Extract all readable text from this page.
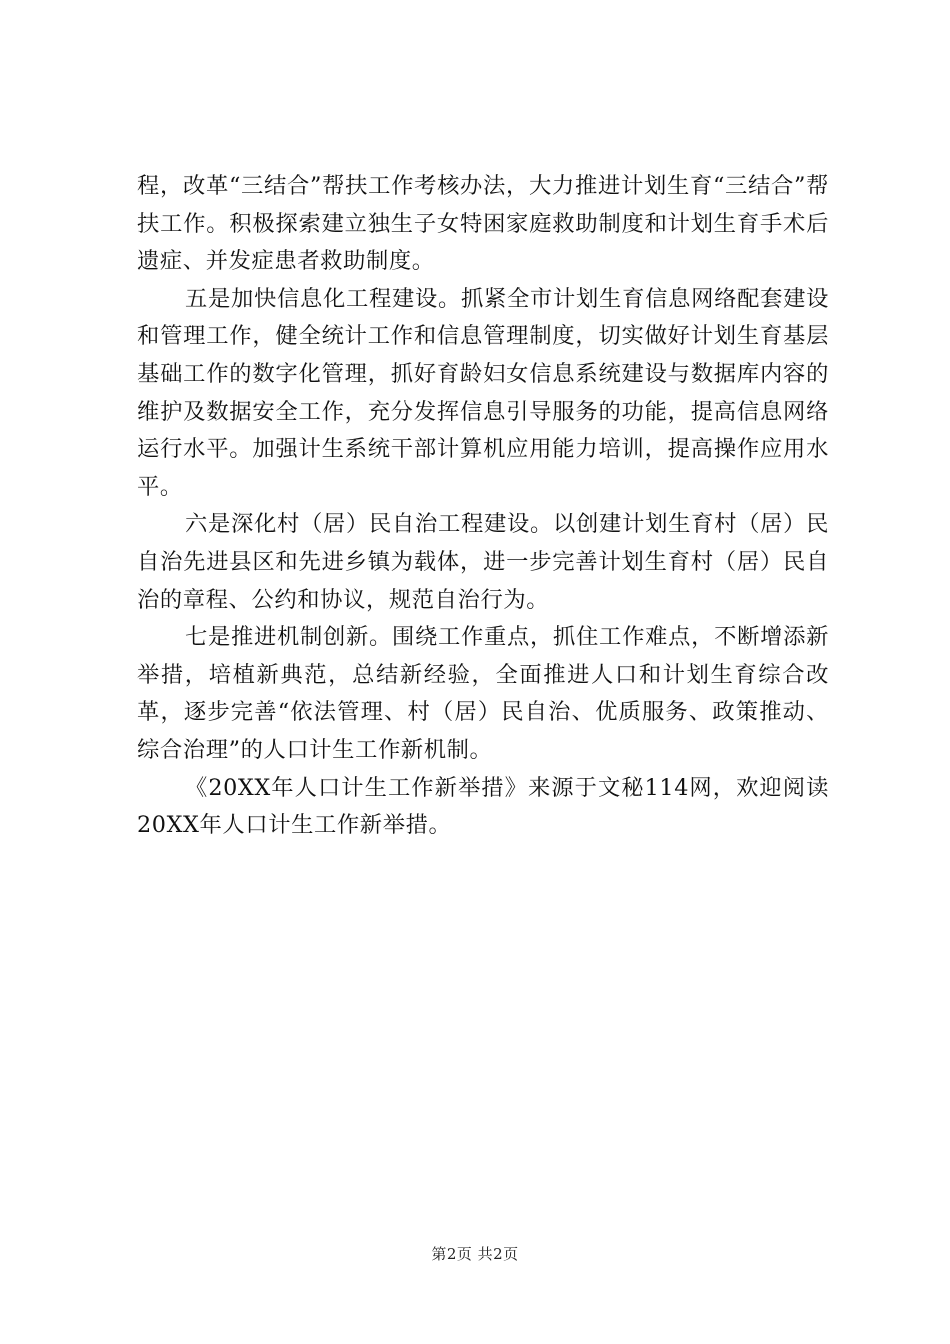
程，改革“三结合”帮扶工作考核办法，大力推进计划生育“三结合”帮扶工作。积极探索建立独生子女特困家庭救助制度和计划生育手术后遗症、并发症患者救助制度。

五是加快信息化工程建设。抓紧全市计划生育信息网络配套建设和管理工作，健全统计工作和信息管理制度，切实做好计划生育基层基础工作的数字化管理，抓好育龄妇女信息系统建设与数据库内容的维护及数据安全工作，充分发挥信息引导服务的功能，提高信息网络运行水平。加强计生系统干部计算机应用能力培训，提高操作应用水平。

六是深化村（居）民自治工程建设。以创建计划生育村（居）民自治先进县区和先进乡镇为载体，进一步完善计划生育村（居）民自治的章程、公约和协议，规范自治行为。

七是推进机制创新。围绕工作重点，抓住工作难点，不断增添新举措，培植新典范，总结新经验，全面推进人口和计划生育综合改革，逐步完善“依法管理、村（居）民自治、优质服务、政策推动、综合治理”的人口计生工作新机制。

《20XX年人口计生工作新举措》来源于文秘114网，欢迎阅读20XX年人口计生工作新举措。

第2页 共2页
